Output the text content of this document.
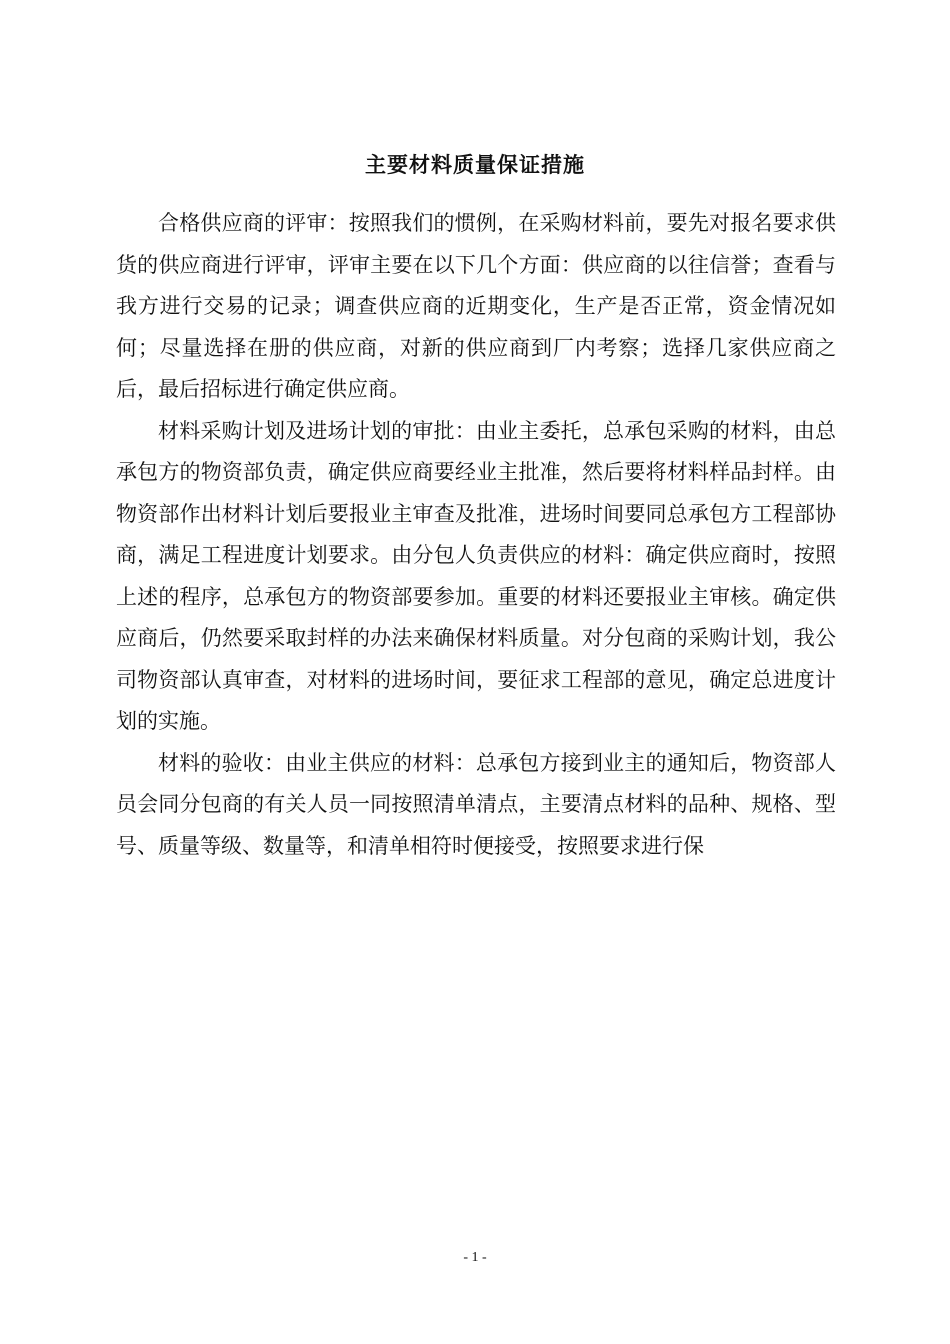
主要材料质量保证措施

合格供应商的评审：按照我们的惯例，在采购材料前，要先对报名要求供货的供应商进行评审，评审主要在以下几个方面：供应商的以往信誉；查看与我方进行交易的记录；调查供应商的近期变化，生产是否正常，资金情况如何；尽量选择在册的供应商，对新的供应商到厂内考察；选择几家供应商之后，最后招标进行确定供应商。

材料采购计划及进场计划的审批：由业主委托，总承包采购的材料，由总承包方的物资部负责，确定供应商要经业主批准，然后要将材料样品封样。由物资部作出材料计划后要报业主审查及批准，进场时间要同总承包方工程部协商，满足工程进度计划要求。由分包人负责供应的材料：确定供应商时，按照上述的程序，总承包方的物资部要参加。重要的材料还要报业主审核。确定供应商后，仍然要采取封样的办法来确保材料质量。对分包商的采购计划，我公司物资部认真审查，对材料的进场时间，要征求工程部的意见，确定总进度计划的实施。

材料的验收：由业主供应的材料：总承包方接到业主的通知后，物资部人员会同分包商的有关人员一同按照清单清点，主要清点材料的品种、规格、型号、质量等级、数量等，和清单相符时便接受，按照要求进行保

- 1 -
